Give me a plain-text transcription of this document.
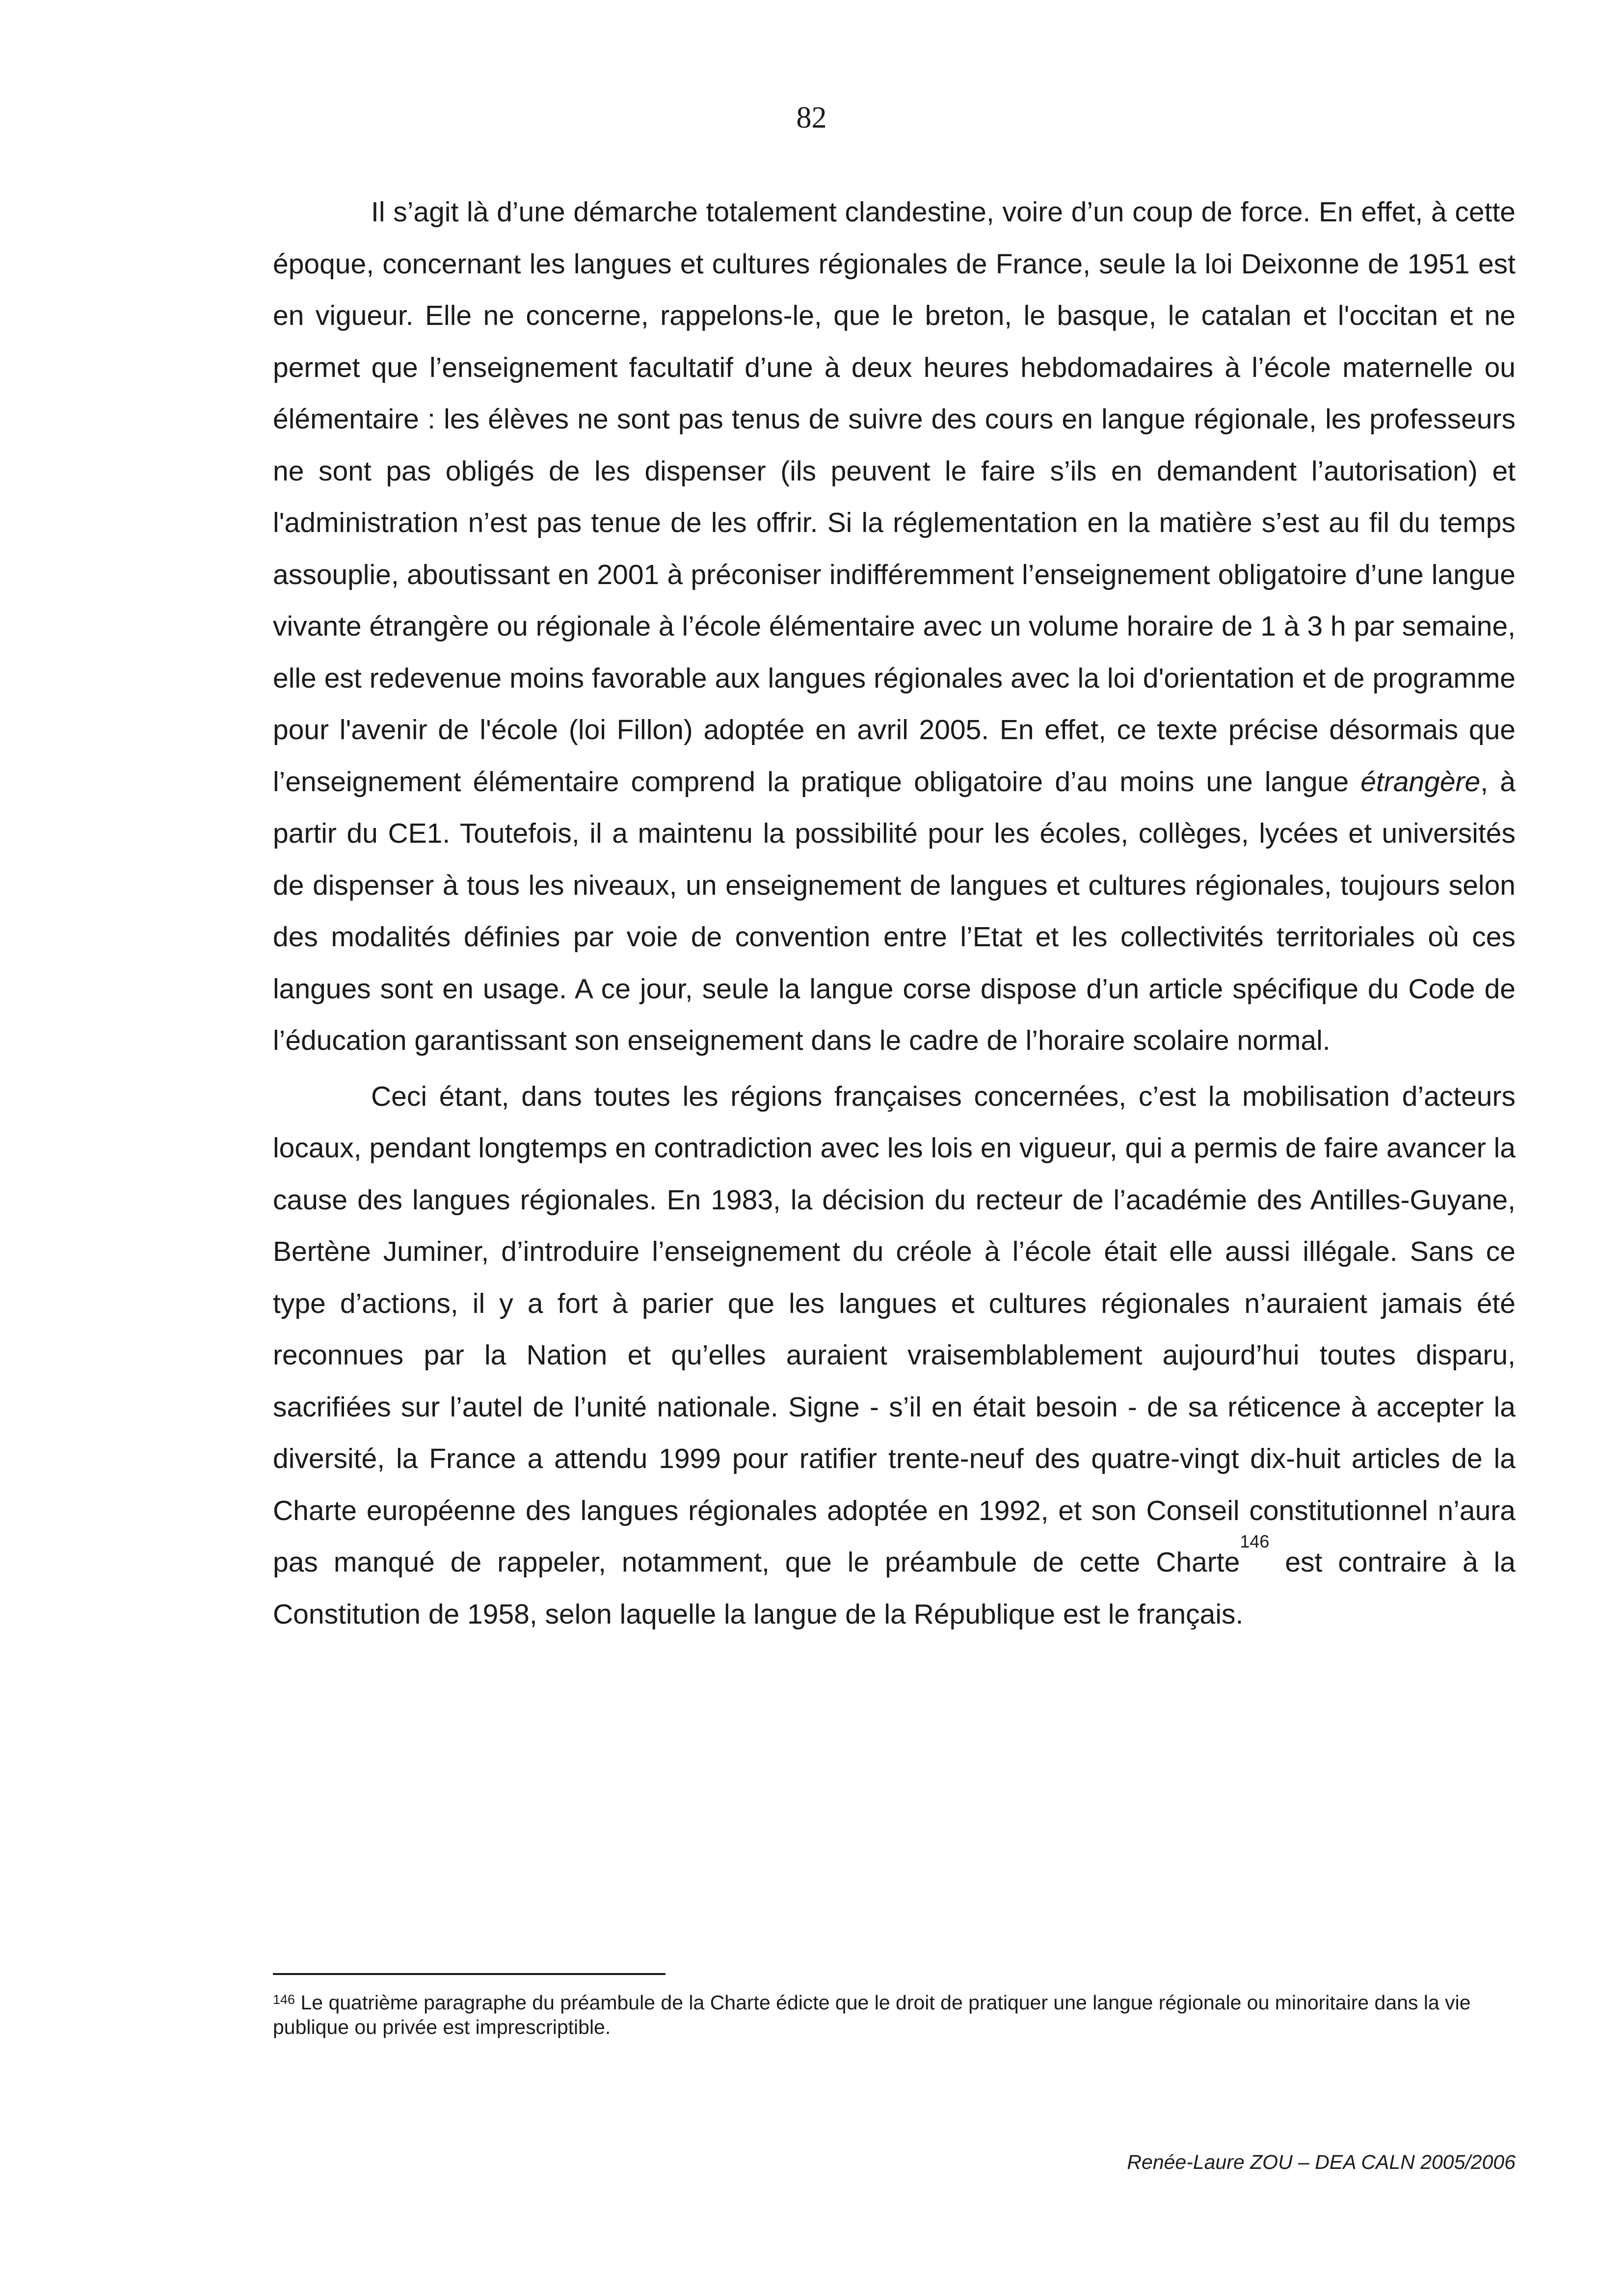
82

Il s’agit là d’une démarche totalement clandestine, voire d’un coup de force. En effet, à cette époque, concernant les langues et cultures régionales de France, seule la loi Deixonne de 1951 est en vigueur. Elle ne concerne, rappelons-le, que le breton, le basque, le catalan et l'occitan et ne permet que l’enseignement facultatif d’une à deux heures hebdomadaires à l’école maternelle ou élémentaire : les élèves ne sont pas tenus de suivre des cours en langue régionale, les professeurs ne sont pas obligés de les dispenser (ils peuvent le faire s’ils en demandent l’autorisation) et l'administration n’est pas tenue de les offrir. Si la réglementation en la matière s’est au fil du temps assouplie, aboutissant en 2001 à préconiser indifféremment l’enseignement obligatoire d’une langue vivante étrangère ou régionale à l’école élémentaire avec un volume horaire de 1 à 3 h par semaine, elle est redevenue moins favorable aux langues régionales avec la loi d'orientation et de programme pour l'avenir de l'école (loi Fillon) adoptée en avril 2005. En effet, ce texte précise désormais que l’enseignement élémentaire comprend la pratique obligatoire d’au moins une langue étrangère, à partir du CE1. Toutefois, il a maintenu la possibilité pour les écoles, collèges, lycées et universités de dispenser à tous les niveaux, un enseignement de langues et cultures régionales, toujours selon des modalités définies par voie de convention entre l’Etat et les collectivités territoriales où ces langues sont en usage. A ce jour, seule la langue corse dispose d’un article spécifique du Code de l’éducation garantissant son enseignement dans le cadre de l’horaire scolaire normal.

Ceci étant, dans toutes les régions françaises concernées, c’est la mobilisation d’acteurs locaux, pendant longtemps en contradiction avec les lois en vigueur, qui a permis de faire avancer la cause des langues régionales. En 1983, la décision du recteur de l’académie des Antilles-Guyane, Bertène Juminer, d’introduire l’enseignement du créole à l’école était elle aussi illégale. Sans ce type d’actions, il y a fort à parier que les langues et cultures régionales n’auraient jamais été reconnues par la Nation et qu’elles auraient vraisemblablement aujourd’hui toutes disparu, sacrifiées sur l’autel de l’unité nationale. Signe - s’il en était besoin - de sa réticence à accepter la diversité, la France a attendu 1999 pour ratifier trente-neuf des quatre-vingt dix-huit articles de la Charte européenne des langues régionales adoptée en 1992, et son Conseil constitutionnel n’aura pas manqué de rappeler, notamment, que le préambule de cette Charte$^{146}$ est contraire à la Constitution de 1958, selon laquelle la langue de la République est le français.

$^{146}$ Le quatrième paragraphe du préambule de la Charte édicte que le droit de pratiquer une langue régionale ou minoritaire dans la vie publique ou privée est imprescriptible.

Renée-Laure ZOU – DEA CALN 2005/2006
